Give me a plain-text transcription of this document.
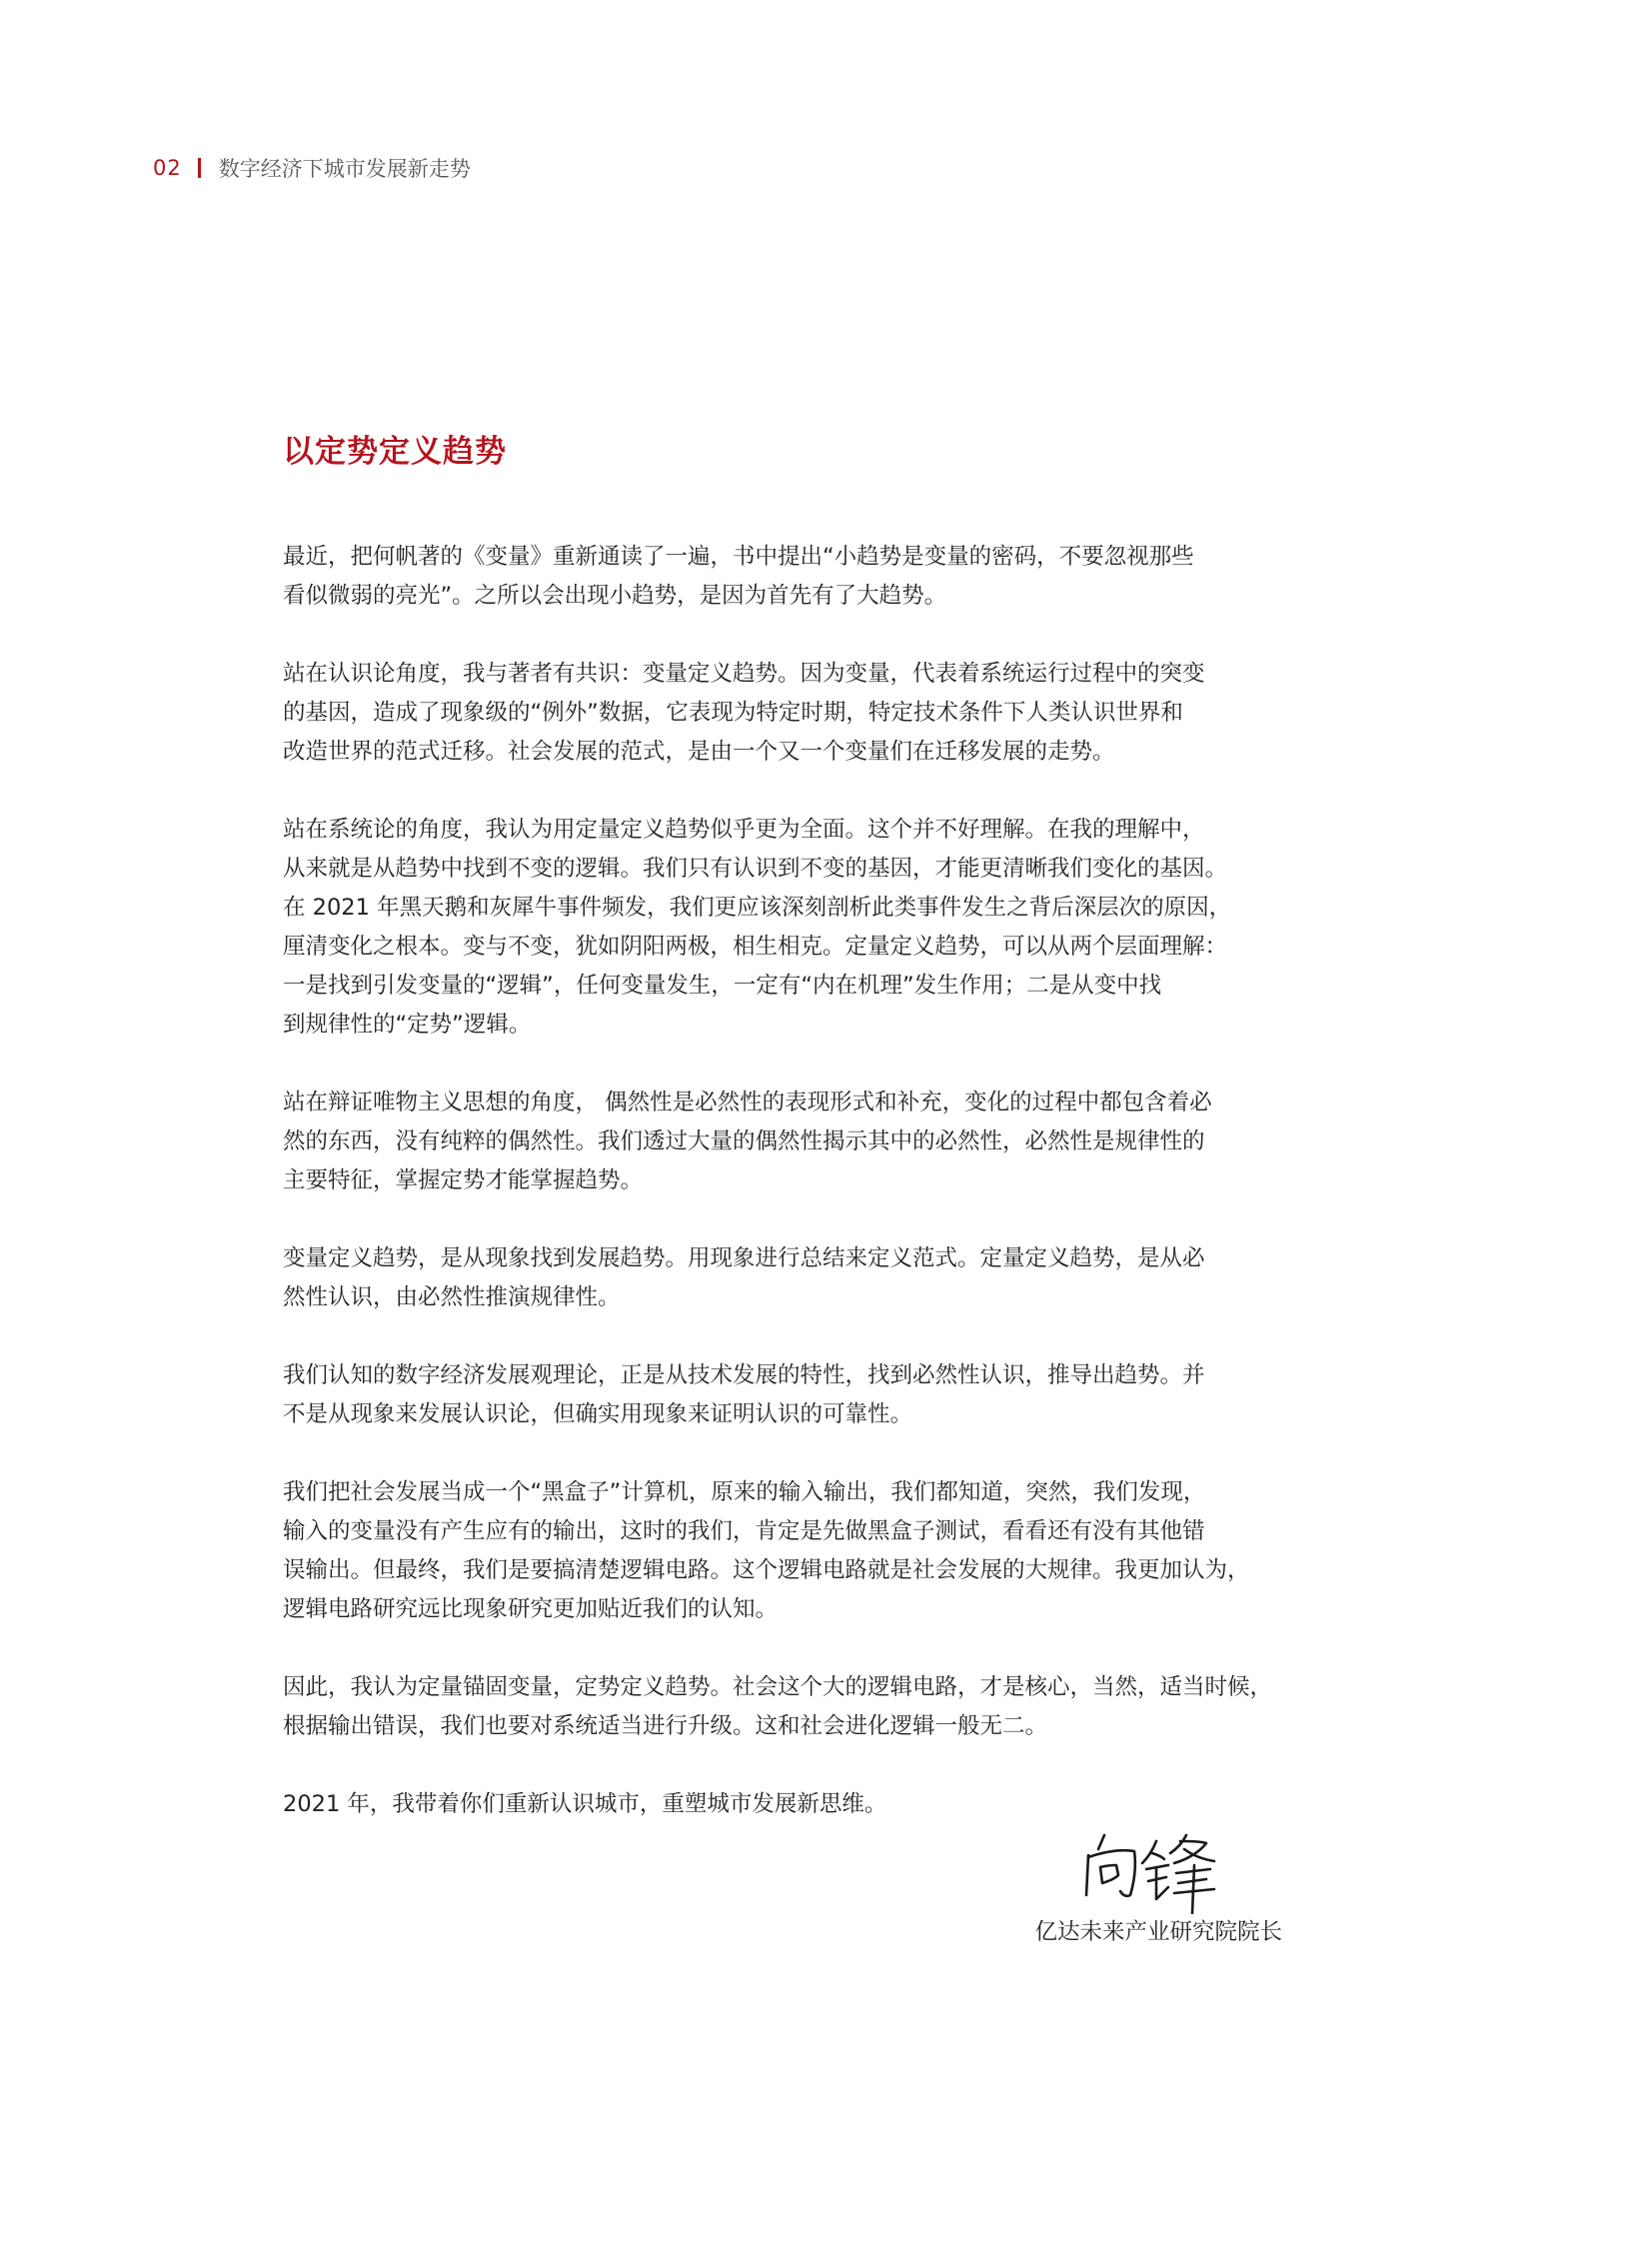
02 数字经济下城市发展新走势
以定势定义趋势

最近，把何帆著的《变量》重新通读了一遍，书中提出“小趋势是变量的密码，不要忽视那些
看似微弱的亮光”。之所以会出现小趋势，是因为首先有了大趋势。

站在认识论角度，我与著者有共识：变量定义趋势。因为变量，代表着系统运行过程中的突变
的基因，造成了现象级的“例外”数据，它表现为特定时期，特定技术条件下人类认识世界和
改造世界的范式迁移。社会发展的范式，是由一个又一个变量们在迁移发展的走势。

站在系统论的角度，我认为用定量定义趋势似乎更为全面。这个并不好理解。在我的理解中，
从来就是从趋势中找到不变的逻辑。我们只有认识到不变的基因，才能更清晰我们变化的基因。
在 2021 年黑天鹅和灰犀牛事件频发，我们更应该深刻剖析此类事件发生之背后深层次的原因，
厘清变化之根本。变与不变，犹如阴阳两极，相生相克。定量定义趋势，可以从两个层面理解：
一是找到引发变量的“逻辑”，任何变量发生，一定有“内在机理”发生作用；二是从变中找
到规律性的“定势”逻辑。

站在辩证唯物主义思想的角度， 偶然性是必然性的表现形式和补充，变化的过程中都包含着必
然的东西，没有纯粹的偶然性。我们透过大量的偶然性揭示其中的必然性，必然性是规律性的
主要特征，掌握定势才能掌握趋势。

变量定义趋势，是从现象找到发展趋势。用现象进行总结来定义范式。定量定义趋势，是从必
然性认识，由必然性推演规律性。

我们认知的数字经济发展观理论，正是从技术发展的特性，找到必然性认识，推导出趋势。并
不是从现象来发展认识论，但确实用现象来证明认识的可靠性。

我们把社会发展当成一个“黑盒子”计算机，原来的输入输出，我们都知道，突然，我们发现，
输入的变量没有产生应有的输出，这时的我们，肯定是先做黑盒子测试，看看还有没有其他错
误输出。但最终，我们是要搞清楚逻辑电路。这个逻辑电路就是社会发展的大规律。我更加认为，
逻辑电路研究远比现象研究更加贴近我们的认知。

因此，我认为定量锚固变量，定势定义趋势。社会这个大的逻辑电路，才是核心，当然，适当时候，
根据输出错误，我们也要对系统适当进行升级。这和社会进化逻辑一般无二。

2021 年，我带着你们重新认识城市，重塑城市发展新思维。

亿达未来产业研究院院长
